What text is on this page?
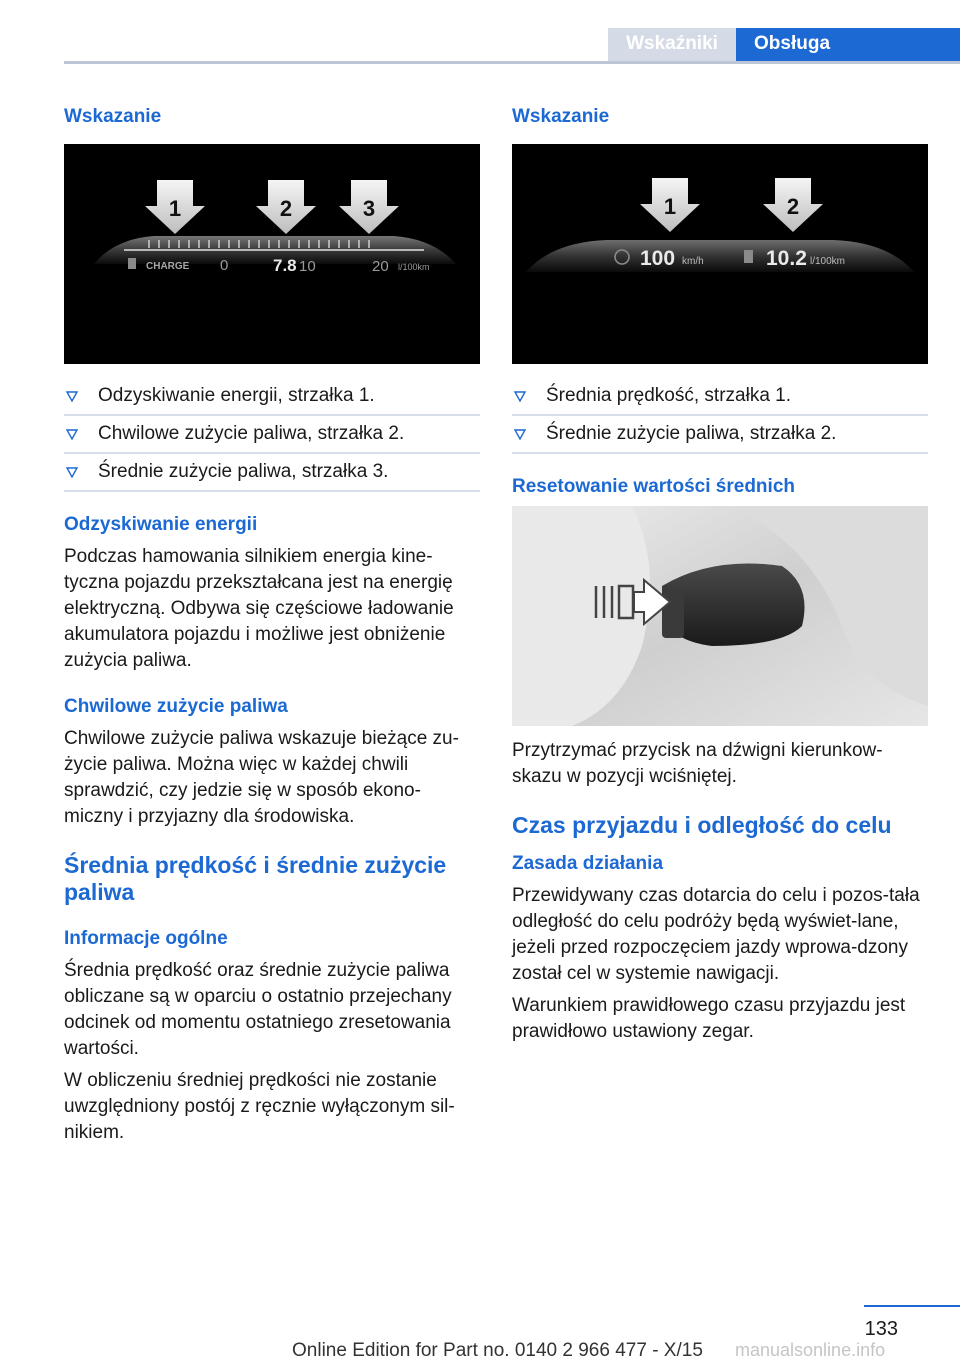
Wskaźniki	Obsługa
Wskazanie
1	2	3
CHARGE 0	7.8 10	20 l/100km
Odzyskiwanie energii, strzałka 1.
Chwilowe zużycie paliwa, strzałka 2.
Średnie zużycie paliwa, strzałka 3.
Odzyskiwanie energii

Podczas hamowania silnikiem energia kine‐tyczna pojazdu przekształcana jest na energię elektryczną. Odbywa się częściowe ładowanie akumulatora pojazdu i możliwe jest obniżenie zużycia paliwa.

Chwilowe zużycie paliwa

Chwilowe zużycie paliwa wskazuje bieżące zu‐życie paliwa. Można więc w każdej chwili sprawdzić, czy jedzie się w sposób ekono‐miczny i przyjazny dla środowiska.

Średnia prędkość i średnie zużycie paliwa
Informacje ogólne

Średnia prędkość oraz średnie zużycie paliwa obliczane są w oparciu o ostatnio przejechany odcinek od momentu ostatniego zresetowania wartości.

W obliczeniu średniej prędkości nie zostanie uwzględniony postój z ręcznie wyłączonym sil‐nikiem.

Wskazanie
1	2
100 km/h	10.2 l/100km
Średnia prędkość, strzałka 1.
Średnie zużycie paliwa, strzałka 2.
Resetowanie wartości średnich

Przytrzymać przycisk na dźwigni kierunkow‐skazu w pozycji wciśniętej.

Czas przyjazdu i odległość do celu
Zasada działania

Przewidywany czas dotarcia do celu i pozos‐tała odległość do celu podróży będą wyświet‐lane, jeżeli przed rozpoczęciem jazdy wprowa‐dzony został cel w systemie nawigacji.

Warunkiem prawidłowego czasu przyjazdu jest prawidłowo ustawiony zegar.

133
Online Edition for Part no. 0140 2 966 477 - X/15 manualsonline.info
